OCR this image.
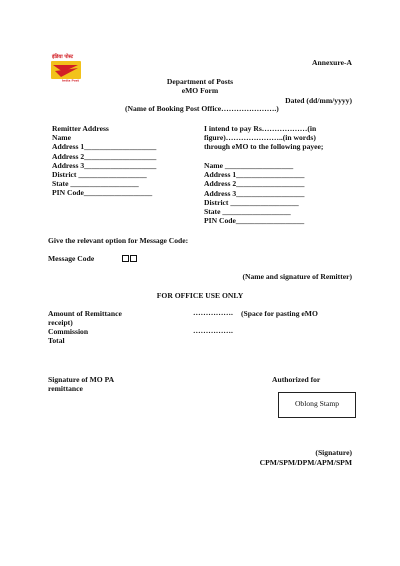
इंडिया पोस्ट
India Post
Annexure-A
Department of Posts
eMO Form
Dated (dd/mm/yyyy)
(Name of Booking Post Office………………….)
Remitter Address
Name
Address 1___________________
Address 2___________________
Address 3___________________
District __________________
State __________________
PIN Code__________________
I intend to pay Rs………………(in
figure)…………………..(in words)
through eMO to the following payee;
Name __________________
Address 1__________________
Address 2__________________
Address 3__________________
District __________________
State __________________
PIN Code__________________
Give the relevant option for Message Code:
Message Code
(Name and signature of Remitter)
FOR OFFICE USE ONLY
Amount of Remittance	……………. (Space for pasting eMO
receipt)
Commission	…………….
Total
Signature of MO PA
remittance
Authorized for
Oblong Stamp
(Signature)
CPM/SPM/DPM/APM/SPM
